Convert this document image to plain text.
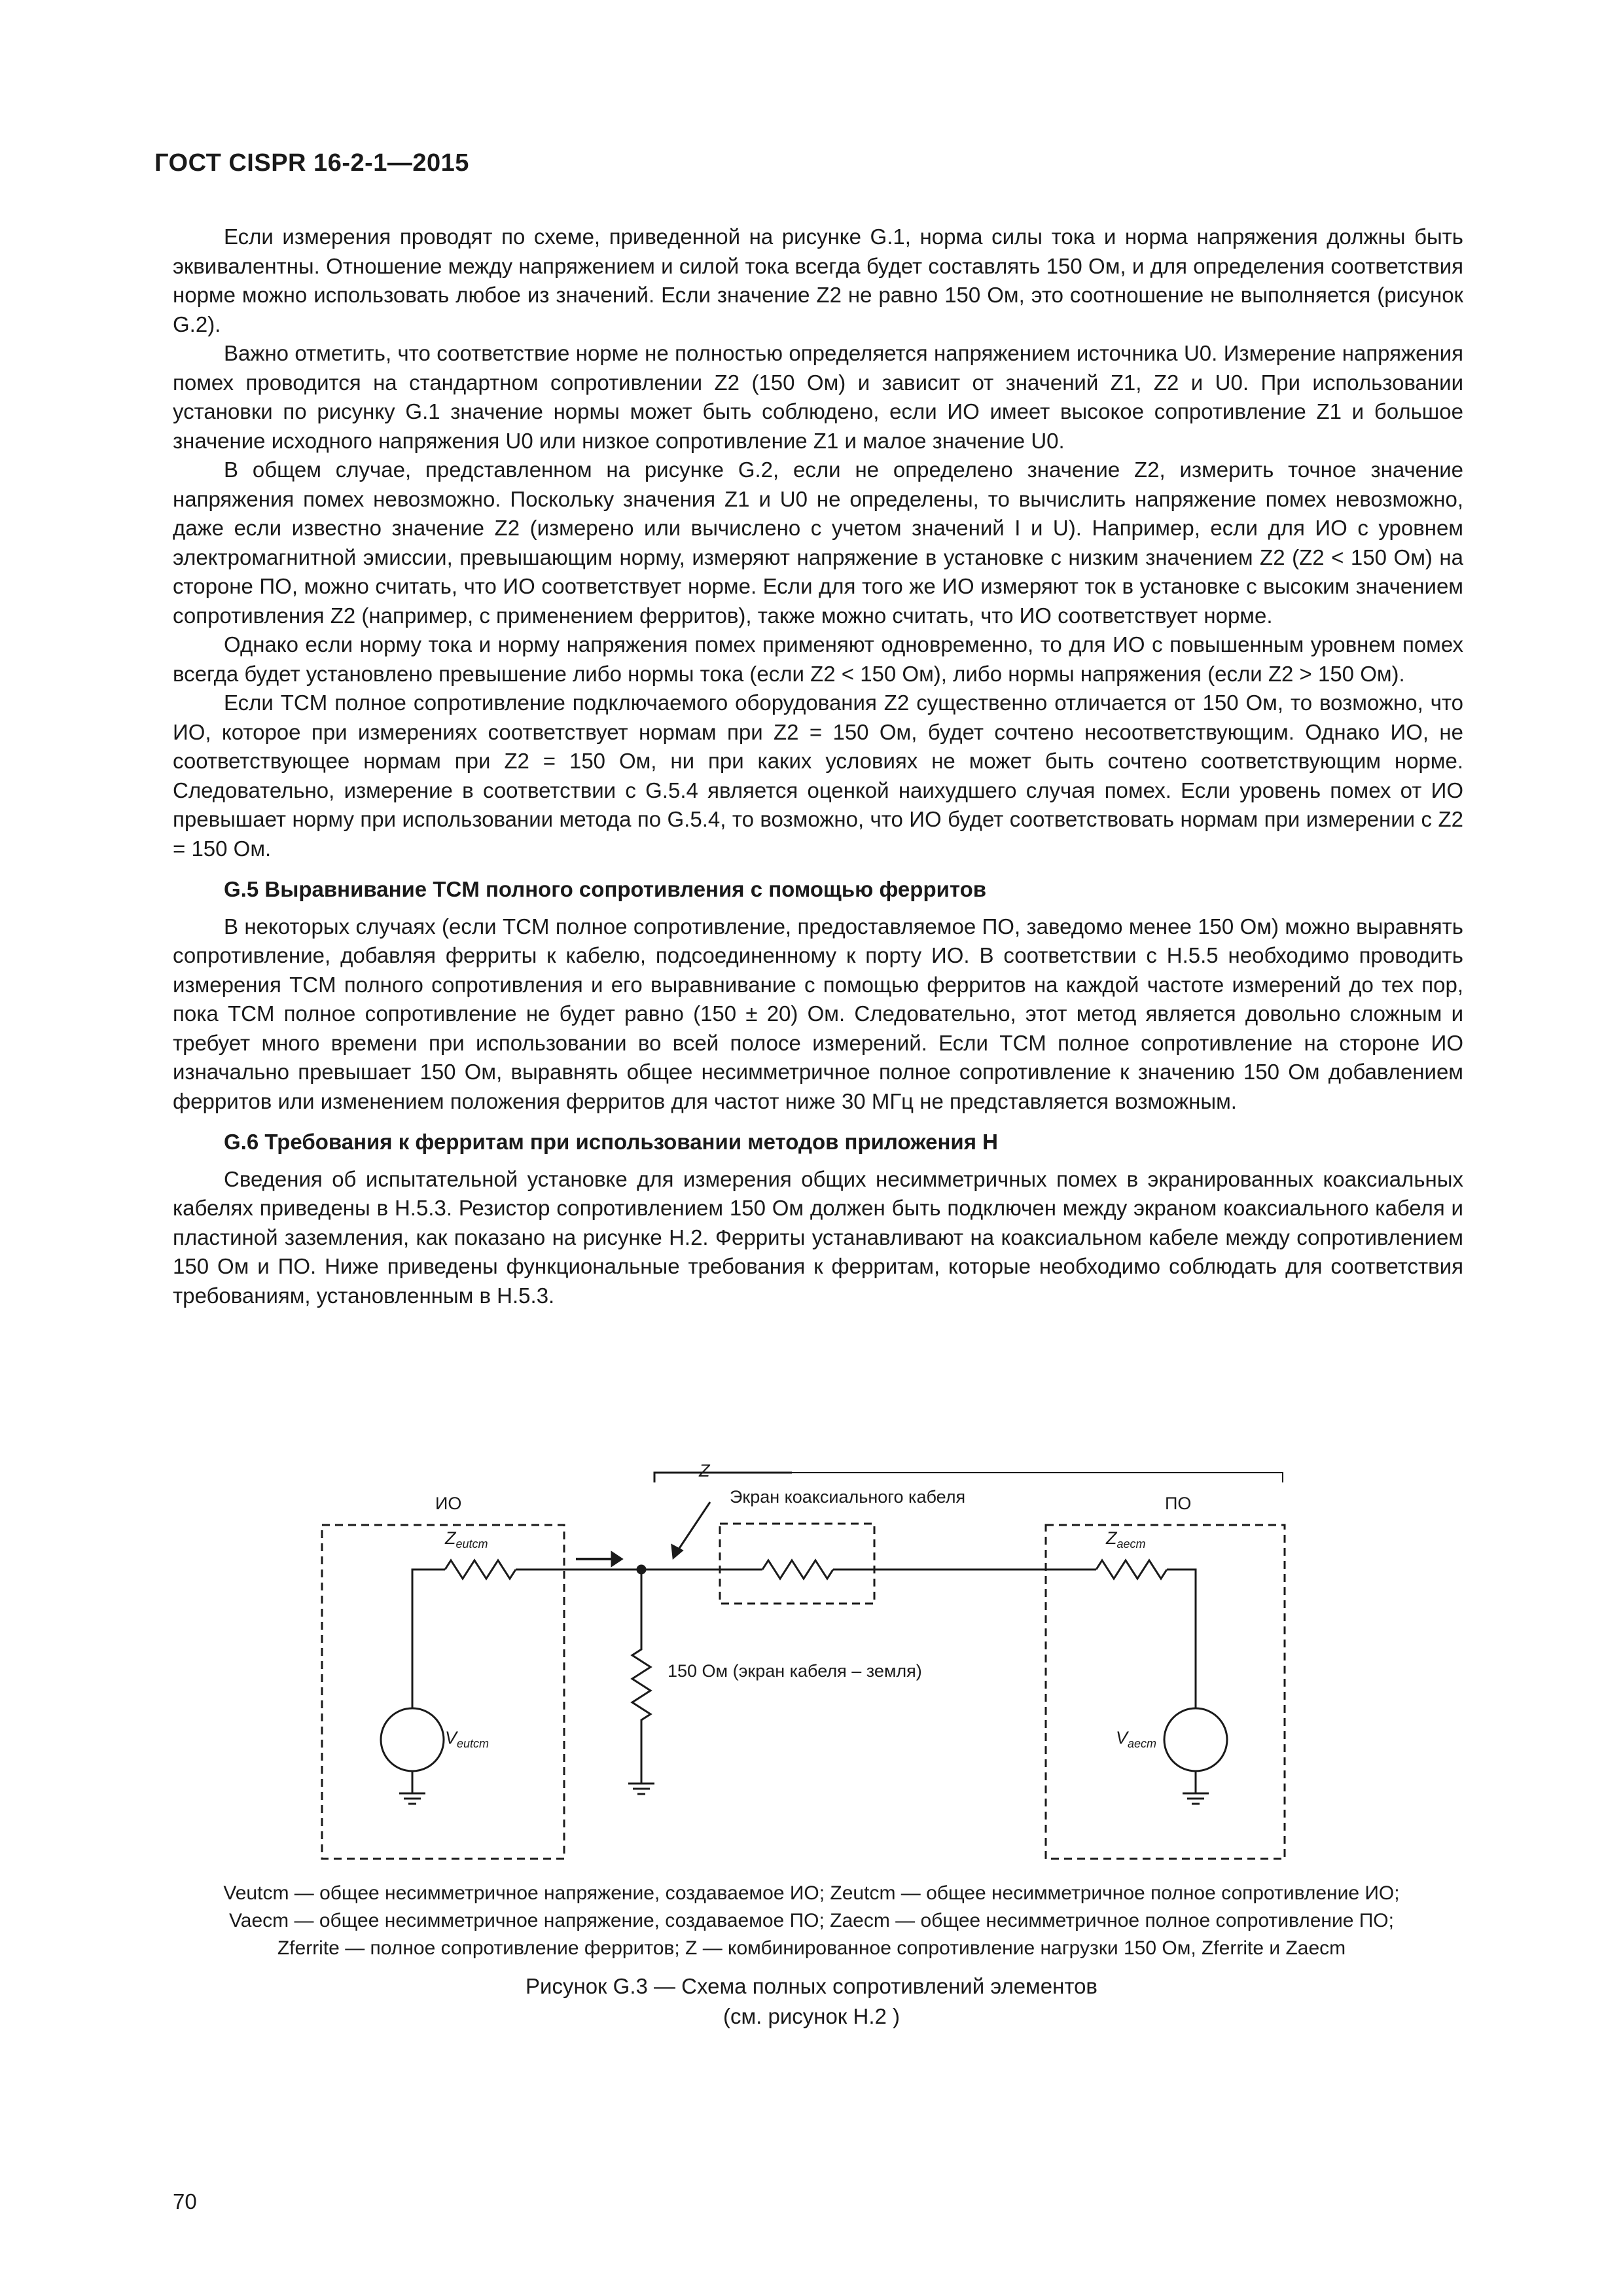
ГОСТ CISPR 16-2-1—2015

Если измерения проводят по схеме, приведенной на рисунке G.1, норма силы тока и норма напряжения должны быть эквивалентны. Отношение между напряжением и силой тока всегда будет составлять 150 Ом, и для определения соответствия норме можно использовать любое из значений. Если значение Z2 не равно 150 Ом, это соотношение не выполняется (рисунок G.2).

Важно отметить, что соответствие норме не полностью определяется напряжением источника U0. Измерение напряжения помех проводится на стандартном сопротивлении Z2 (150 Ом) и зависит от значений Z1, Z2 и U0. При использовании установки по рисунку G.1 значение нормы может быть соблюдено, если ИО имеет высокое сопротивление Z1 и большое значение исходного напряжения U0 или низкое сопротивление Z1 и малое значение U0.

В общем случае, представленном на рисунке G.2, если не определено значение Z2, измерить точное значение напряжения помех невозможно. Поскольку значения Z1 и U0 не определены, то вычислить напряжение помех невозможно, даже если известно значение Z2 (измерено или вычислено с учетом значений I и U). Например, если для ИО с уровнем электромагнитной эмиссии, превышающим норму, измеряют напряжение в установке с низким значением Z2 (Z2 < 150 Ом) на стороне ПО, можно считать, что ИО соответствует норме. Если для того же ИО измеряют ток в установке с высоким значением сопротивления Z2 (например, с применением ферритов), также можно считать, что ИО соответствует норме.

Однако если норму тока и норму напряжения помех применяют одновременно, то для ИО с повышенным уровнем помех всегда будет установлено превышение либо нормы тока (если Z2 < 150 Ом), либо нормы напряжения (если Z2 > 150 Ом).

Если TCM полное сопротивление подключаемого оборудования Z2 существенно отличается от 150 Ом, то возможно, что ИО, которое при измерениях соответствует нормам при Z2 = 150 Ом, будет сочтено несоответствующим. Однако ИО, не соответствующее нормам при Z2 = 150 Ом, ни при каких условиях не может быть сочтено соответствующим норме. Следовательно, измерение в соответствии с G.5.4 является оценкой наихудшего случая помех. Если уровень помех от ИО превышает норму при использовании метода по G.5.4, то возможно, что ИО будет соответствовать нормам при измерении с Z2 = 150 Ом.

G.5 Выравнивание TCM полного сопротивления с помощью ферритов

В некоторых случаях (если TCM полное сопротивление, предоставляемое ПО, заведомо менее 150 Ом) можно выравнять сопротивление, добавляя ферриты к кабелю, подсоединенному к порту ИО. В соответствии с H.5.5 необходимо проводить измерения TCM полного сопротивления и его выравнивание с помощью ферритов на каждой частоте измерений до тех пор, пока TCM полное сопротивление не будет равно (150 ± 20) Ом. Следовательно, этот метод является довольно сложным и требует много времени при использовании во всей полосе измерений. Если TCM полное сопротивление на стороне ИО изначально превышает 150 Ом, выравнять общее несимметричное полное сопротивление к значению 150 Ом добавлением ферритов или изменением положения ферритов для частот ниже 30 МГц не представляется возможным.

G.6 Требования к ферритам при использовании методов приложения H

Сведения об испытательной установке для измерения общих несимметричных помех в экранированных коаксиальных кабелях приведены в H.5.3. Резистор сопротивлением 150 Ом должен быть подключен между экраном коаксиального кабеля и пластиной заземления, как показано на рисунке H.2. Ферриты устанавливают на коаксиальном кабеле между сопротивлением 150 Ом и ПО. Ниже приведены функциональные требования к ферритам, которые необходимо соблюдать для соответствия требованиям, установленным в H.5.3.

Z
ИО	Экран коаксиального кабеля	ПО
$Z_{eutcm}$	$Z_{aecm}$
$V_{eutcm}$	$V_{aecm}$
150 Ом (экран кабеля – земля)
Veutcm — общее несимметричное напряжение, создаваемое ИО; Zeutcm — общее несимметричное полное сопротивление ИО;
Vaecm — общее несимметричное напряжение, создаваемое ПО; Zaecm — общее несимметричное полное сопротивление ПО;
Zferrite — полное сопротивление ферритов; Z — комбинированное сопротивление нагрузки 150 Ом, Zferrite и Zaecm
Рисунок G.3 — Схема полных сопротивлений элементов
(см. рисунок H.2 )
70
